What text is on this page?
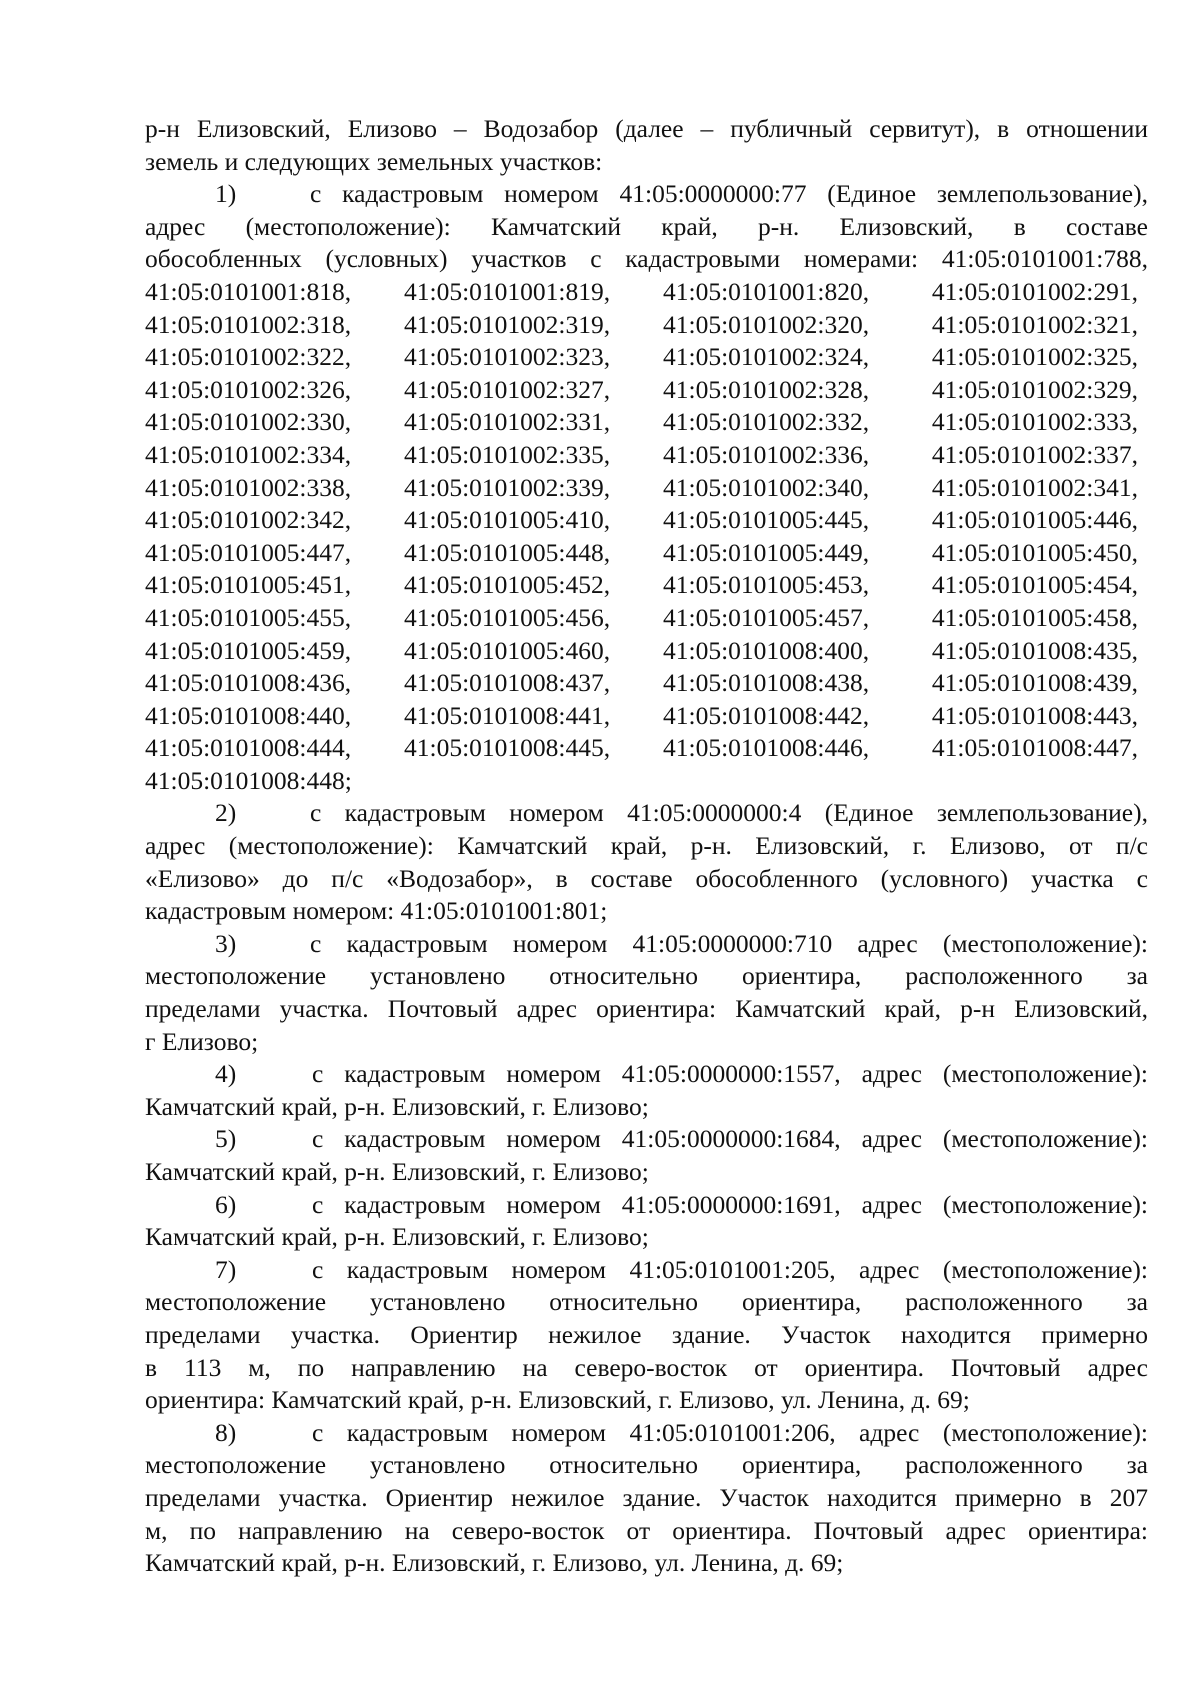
р-н Елизовский, Елизово – Водозабор (далее – публичный сервитут), в отношении
земель и следующих земельных участков:
1)	с кадастровым номером 41:05:0000000:77 (Единое землепользование),
адрес (местоположение): Камчатский край, р-н. Елизовский, в составе
обособленных (условных) участков с кадастровыми номерами: 41:05:0101001:788,
41:05:0101001:818, 41:05:0101001:819, 41:05:0101001:820, 41:05:0101002:291,
41:05:0101002:318, 41:05:0101002:319, 41:05:0101002:320, 41:05:0101002:321,
41:05:0101002:322, 41:05:0101002:323, 41:05:0101002:324, 41:05:0101002:325,
41:05:0101002:326, 41:05:0101002:327, 41:05:0101002:328, 41:05:0101002:329,
41:05:0101002:330, 41:05:0101002:331, 41:05:0101002:332, 41:05:0101002:333,
41:05:0101002:334, 41:05:0101002:335, 41:05:0101002:336, 41:05:0101002:337,
41:05:0101002:338, 41:05:0101002:339, 41:05:0101002:340, 41:05:0101002:341,
41:05:0101002:342, 41:05:0101005:410, 41:05:0101005:445, 41:05:0101005:446,
41:05:0101005:447, 41:05:0101005:448, 41:05:0101005:449, 41:05:0101005:450,
41:05:0101005:451, 41:05:0101005:452, 41:05:0101005:453, 41:05:0101005:454,
41:05:0101005:455, 41:05:0101005:456, 41:05:0101005:457, 41:05:0101005:458,
41:05:0101005:459, 41:05:0101005:460, 41:05:0101008:400, 41:05:0101008:435,
41:05:0101008:436, 41:05:0101008:437, 41:05:0101008:438, 41:05:0101008:439,
41:05:0101008:440, 41:05:0101008:441, 41:05:0101008:442, 41:05:0101008:443,
41:05:0101008:444, 41:05:0101008:445, 41:05:0101008:446, 41:05:0101008:447,
41:05:0101008:448;
2)	с кадастровым номером 41:05:0000000:4 (Единое землепользование),
адрес (местоположение): Камчатский край, р-н. Елизовский, г. Елизово, от п/с
«Елизово» до п/с «Водозабор», в составе обособленного (условного) участка с
кадастровым номером: 41:05:0101001:801;
3)	с кадастровым номером 41:05:0000000:710 адрес (местоположение):
местоположение установлено относительно ориентира, расположенного за
пределами участка. Почтовый адрес ориентира: Камчатский край, р-н Елизовский,
г Елизово;
4)	с кадастровым номером 41:05:0000000:1557, адрес (местоположение):
Камчатский край, р-н. Елизовский, г. Елизово;
5)	с кадастровым номером 41:05:0000000:1684, адрес (местоположение):
Камчатский край, р-н. Елизовский, г. Елизово;
6)	с кадастровым номером 41:05:0000000:1691, адрес (местоположение):
Камчатский край, р-н. Елизовский, г. Елизово;
7)	с кадастровым номером 41:05:0101001:205, адрес (местоположение):
местоположение установлено относительно ориентира, расположенного за
пределами участка. Ориентир нежилое здание. Участок находится примерно
в 113 м, по направлению на северо-восток от ориентира. Почтовый адрес
ориентира: Камчатский край, р-н. Елизовский, г. Елизово, ул. Ленина, д. 69;
8)	с кадастровым номером 41:05:0101001:206, адрес (местоположение):
местоположение установлено относительно ориентира, расположенного за
пределами участка. Ориентир нежилое здание. Участок находится примерно в 207
м, по направлению на северо-восток от ориентира. Почтовый адрес ориентира:
Камчатский край, р-н. Елизовский, г. Елизово, ул. Ленина, д. 69;
